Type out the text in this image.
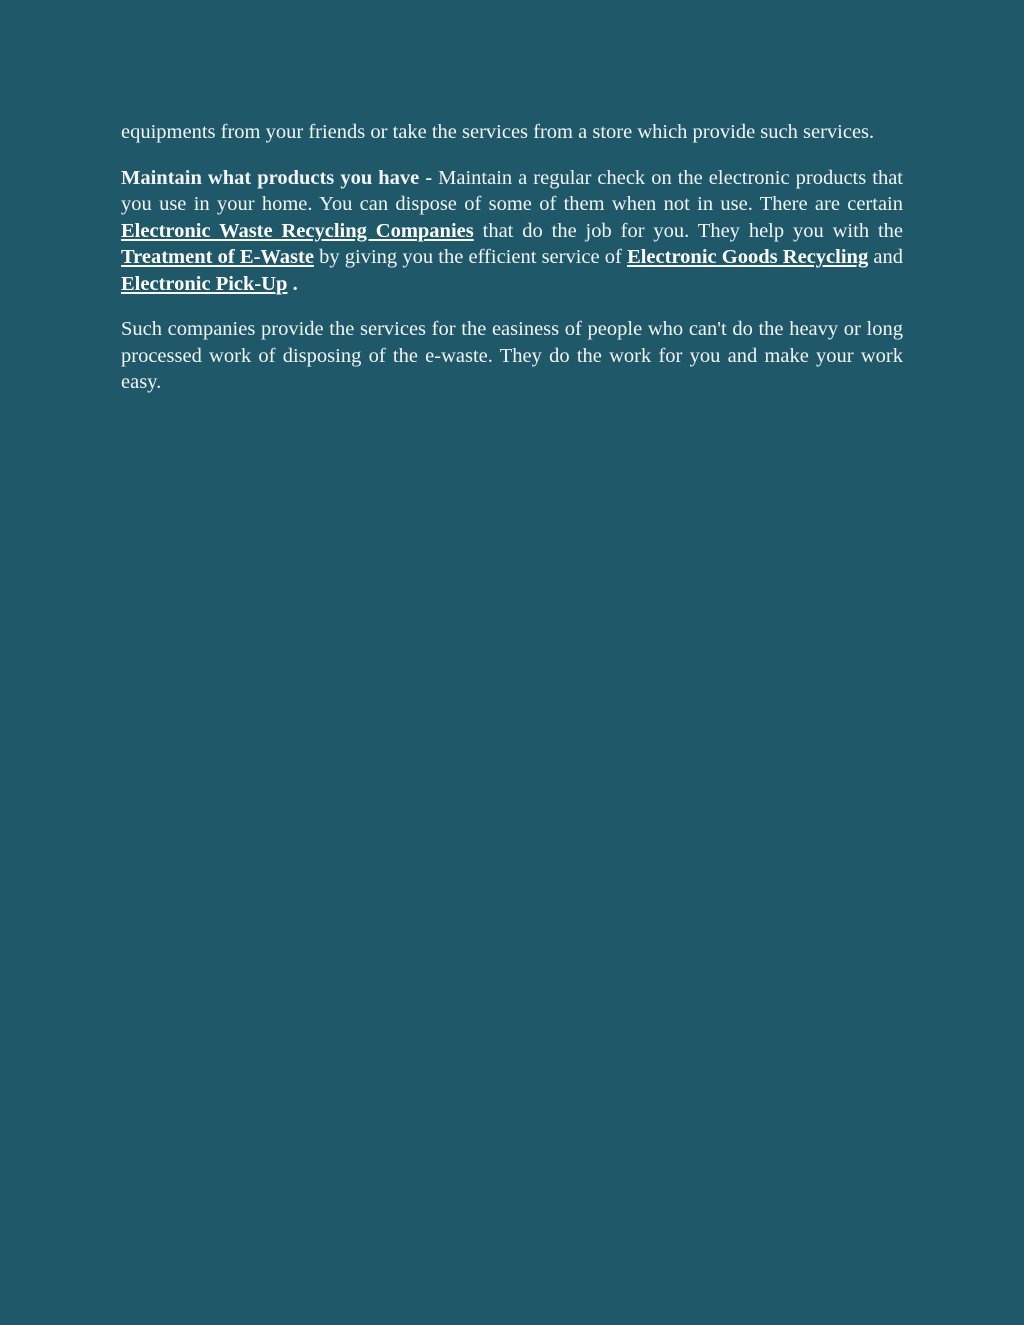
equipments from your friends or take the services from a store which provide such services.

Maintain what products you have - Maintain a regular check on the electronic products that you use in your home. You can dispose of some of them when not in use. There are certain Electronic Waste Recycling Companies that do the job for you. They help you with the Treatment of E-Waste by giving you the efficient service of Electronic Goods Recycling and Electronic Pick-Up .

Such companies provide the services for the easiness of people who can't do the heavy or long processed work of disposing of the e-waste. They do the work for you and make your work easy.
